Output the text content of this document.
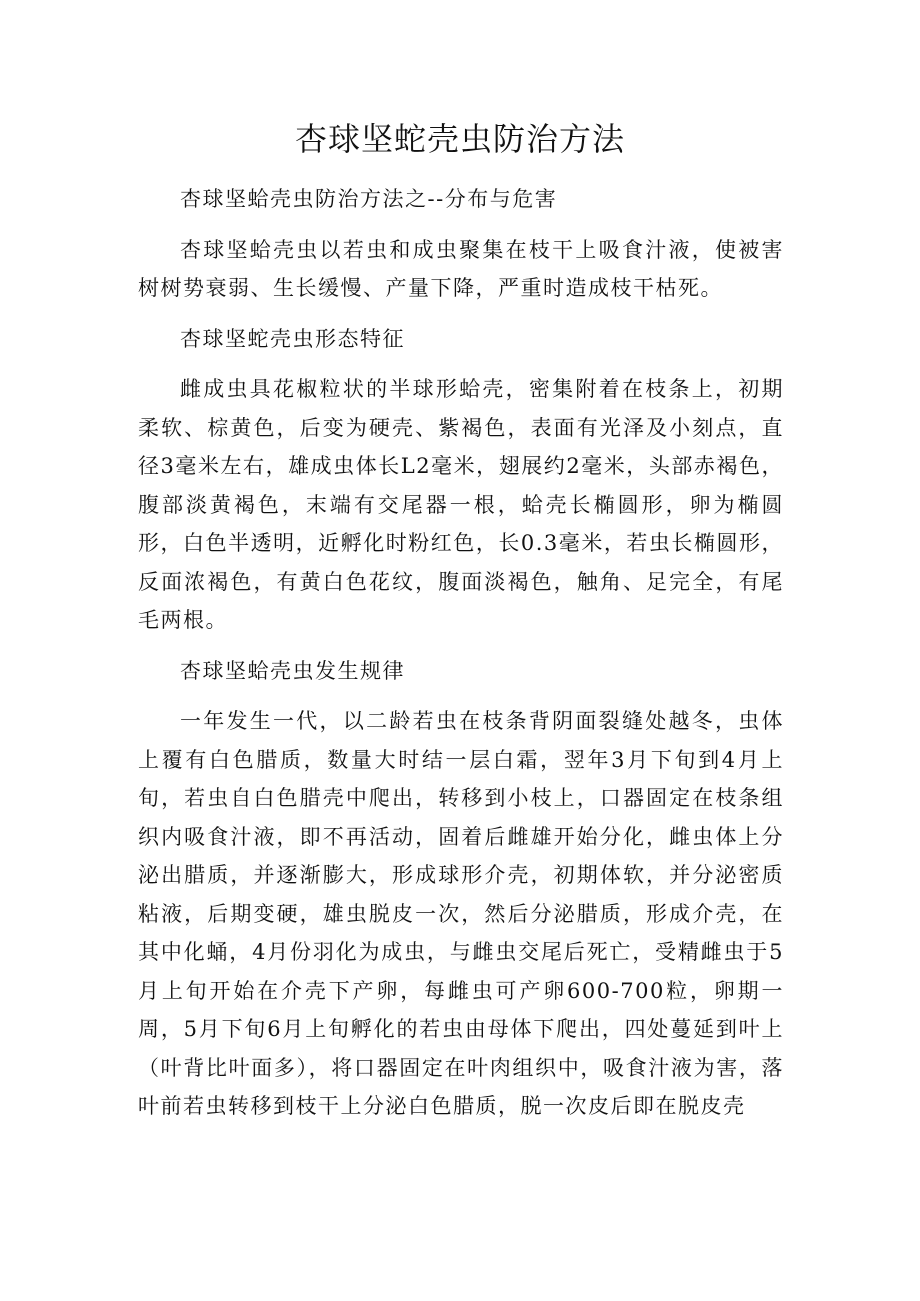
杏球坚蛇壳虫防治方法

杏球坚蛤壳虫防治方法之--分布与危害

杏球坚蛤壳虫以若虫和成虫聚集在枝干上吸食汁液，使被害树树势衰弱、生长缓慢、产量下降，严重时造成枝干枯死。

杏球坚蛇壳虫形态特征

雌成虫具花椒粒状的半球形蛤壳，密集附着在枝条上，初期柔软、棕黄色，后变为硬壳、紫褐色，表面有光泽及小刻点，直径3毫米左右，雄成虫体长L2毫米，翅展约2毫米，头部赤褐色，腹部淡黄褐色，末端有交尾器一根，蛤壳长椭圆形，卵为椭圆形，白色半透明，近孵化时粉红色，长0.3毫米，若虫长椭圆形，反面浓褐色，有黄白色花纹，腹面淡褐色，触角、足完全，有尾毛两根。

杏球坚蛤壳虫发生规律

一年发生一代，以二龄若虫在枝条背阴面裂缝处越冬，虫体上覆有白色腊质，数量大时结一层白霜，翌年3月下旬到4月上旬，若虫自白色腊壳中爬出，转移到小枝上，口器固定在枝条组织内吸食汁液，即不再活动，固着后雌雄开始分化，雌虫体上分泌出腊质，并逐渐膨大，形成球形介壳，初期体软，并分泌密质粘液，后期变硬，雄虫脱皮一次，然后分泌腊质，形成介壳，在其中化蛹，4月份羽化为成虫，与雌虫交尾后死亡，受精雌虫于5月上旬开始在介壳下产卵，每雌虫可产卵600-700粒，卵期一周，5月下旬6月上旬孵化的若虫由母体下爬出，四处蔓延到叶上（叶背比叶面多），将口器固定在叶肉组织中，吸食汁液为害，落叶前若虫转移到枝干上分泌白色腊质，脱一次皮后即在脱皮壳
